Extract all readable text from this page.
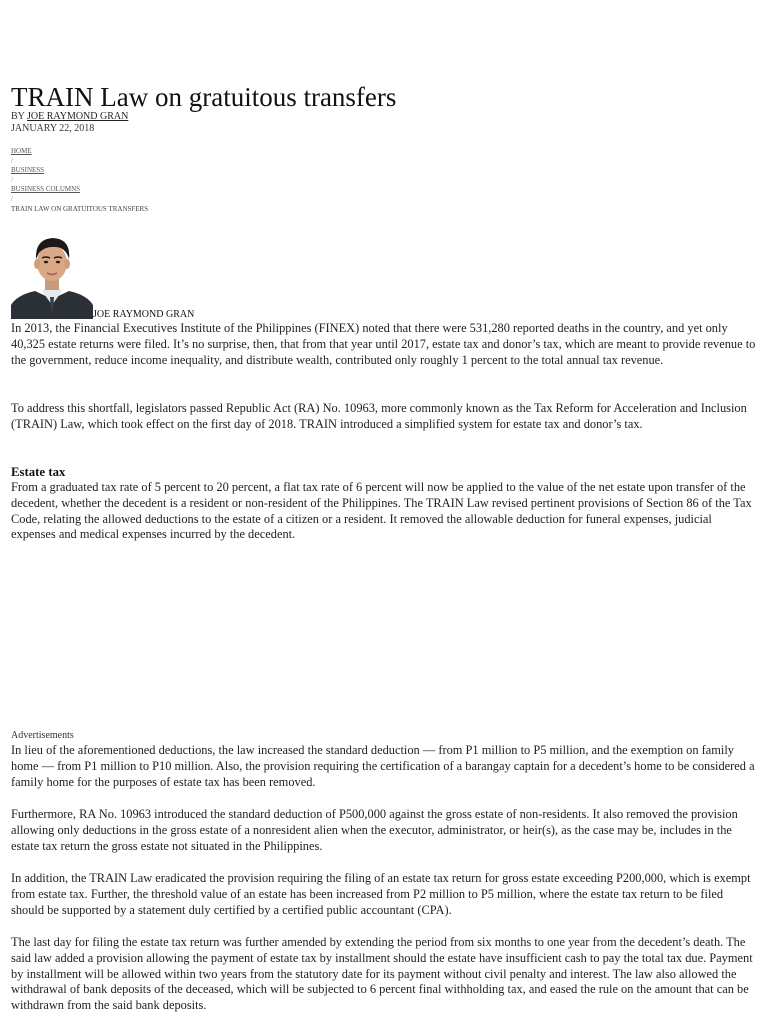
TRAIN Law on gratuitous transfers
BY JOE RAYMOND GRAN
JANUARY 22, 2018
HOME
/
BUSINESS
/
BUSINESS COLUMNS
/
TRAIN LAW ON GRATUITOUS TRANSFERS
JOE RAYMOND GRAN

In 2013, the Financial Executives Institute of the Philippines (FINEX) noted that there were 531,280 reported deaths in the country, and yet only 40,325 estate returns were filed. It’s no surprise, then, that from that year until 2017, estate tax and donor’s tax, which are meant to provide revenue to the government, reduce income inequality, and distribute wealth, contributed only roughly 1 percent to the total annual tax revenue.

To address this shortfall, legislators passed Republic Act (RA) No. 10963, more commonly known as the Tax Reform for Acceleration and Inclusion (TRAIN) Law, which took effect on the first day of 2018. TRAIN introduced a simplified system for estate tax and donor’s tax.

Estate tax

From a graduated tax rate of 5 percent to 20 percent, a flat tax rate of 6 percent will now be applied to the value of the net estate upon transfer of the decedent, whether the decedent is a resident or non-resident of the Philippines. The TRAIN Law revised pertinent provisions of Section 86 of the Tax Code, relating the allowed deductions to the estate of a citizen or a resident. It removed the allowable deduction for funeral expenses, judicial expenses and medical expenses incurred by the decedent.

Advertisements

In lieu of the aforementioned deductions, the law increased the standard deduction — from P1 million to P5 million, and the exemption on family home — from P1 million to P10 million. Also, the provision requiring the certification of a barangay captain for a decedent’s home to be considered a family home for the purposes of estate tax has been removed.

Furthermore, RA No. 10963 introduced the standard deduction of P500,000 against the gross estate of non-residents. It also removed the provision allowing only deductions in the gross estate of a nonresident alien when the executor, administrator, or heir(s), as the case may be, includes in the estate tax return the gross estate not situated in the Philippines.

In addition, the TRAIN Law eradicated the provision requiring the filing of an estate tax return for gross estate exceeding P200,000, which is exempt from estate tax. Further, the threshold value of an estate has been increased from P2 million to P5 million, where the estate tax return to be filed should be supported by a statement duly certified by a certified public accountant (CPA).

The last day for filing the estate tax return was further amended by extending the period from six months to one year from the decedent’s death. The said law added a provision allowing the payment of estate tax by installment should the estate have insufficient cash to pay the total tax due. Payment by installment will be allowed within two years from the statutory date for its payment without civil penalty and interest. The law also allowed the withdrawal of bank deposits of the deceased, which will be subjected to 6 percent final withholding tax, and eased the rule on the amount that can be withdrawn from the said bank deposits.
